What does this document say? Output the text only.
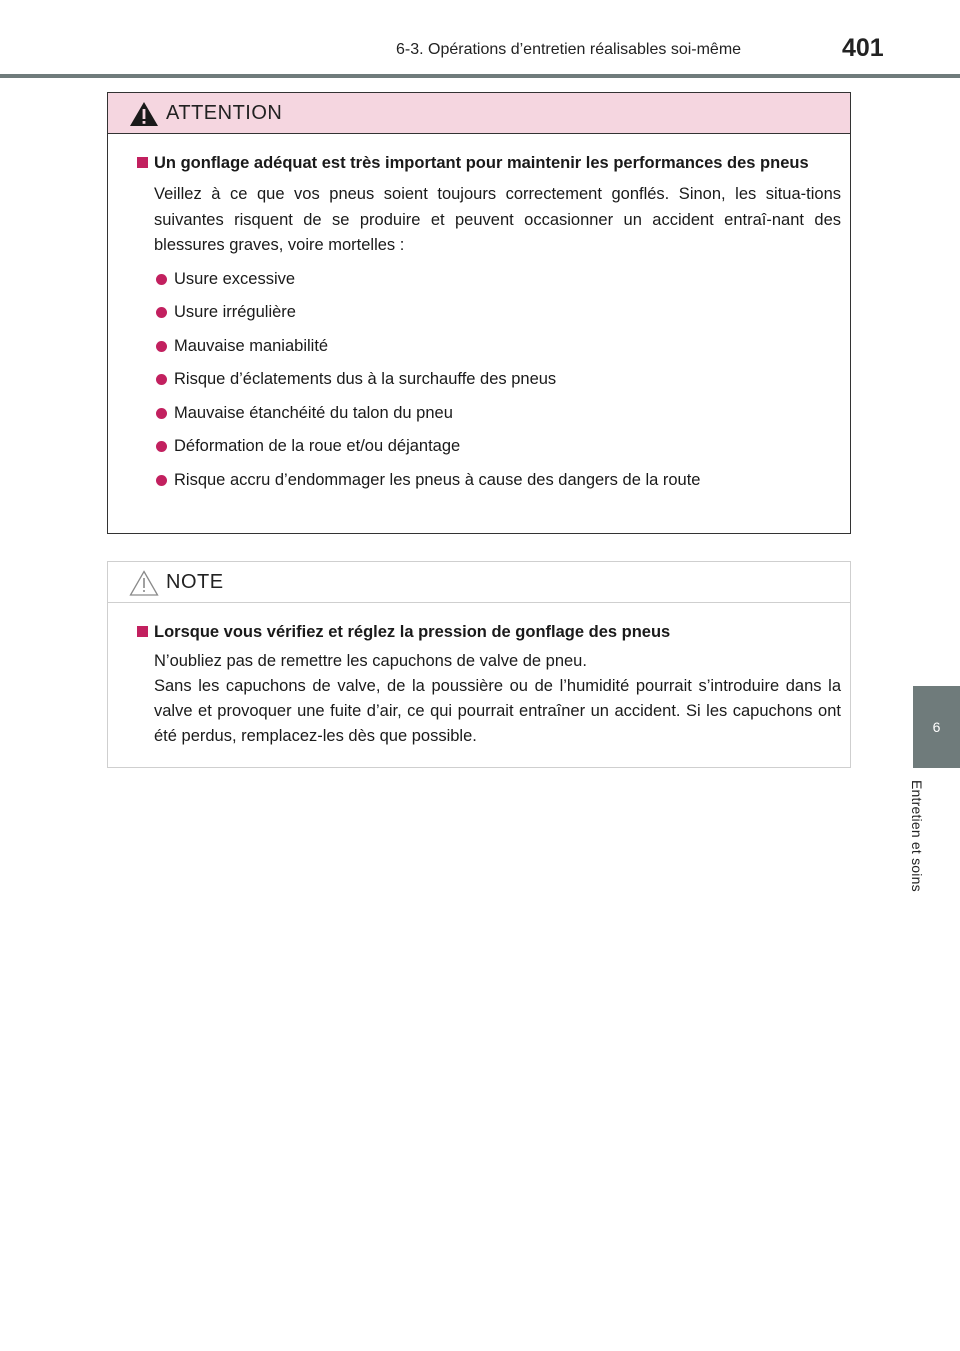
6-3. Opérations d’entretien réalisables soi-même	401
6
Entretien et soins
ATTENTION
Un gonflage adéquat est très important pour maintenir les performances des pneus
Veillez à ce que vos pneus soient toujours correctement gonflés. Sinon, les situa-tions suivantes risquent de se produire et peuvent occasionner un accident entraî-nant des blessures graves, voire mortelles :
Usure excessive
Usure irrégulière
Mauvaise maniabilité
Risque d’éclatements dus à la surchauffe des pneus
Mauvaise étanchéité du talon du pneu
Déformation de la roue et/ou déjantage
Risque accru d’endommager les pneus à cause des dangers de la route
NOTE
Lorsque vous vérifiez et réglez la pression de gonflage des pneus
N’oubliez pas de remettre les capuchons de valve de pneu.
Sans les capuchons de valve, de la poussière ou de l’humidité pourrait s’introduire dans la valve et provoquer une fuite d’air, ce qui pourrait entraîner un accident. Si les capuchons ont été perdus, remplacez-les dès que possible.
